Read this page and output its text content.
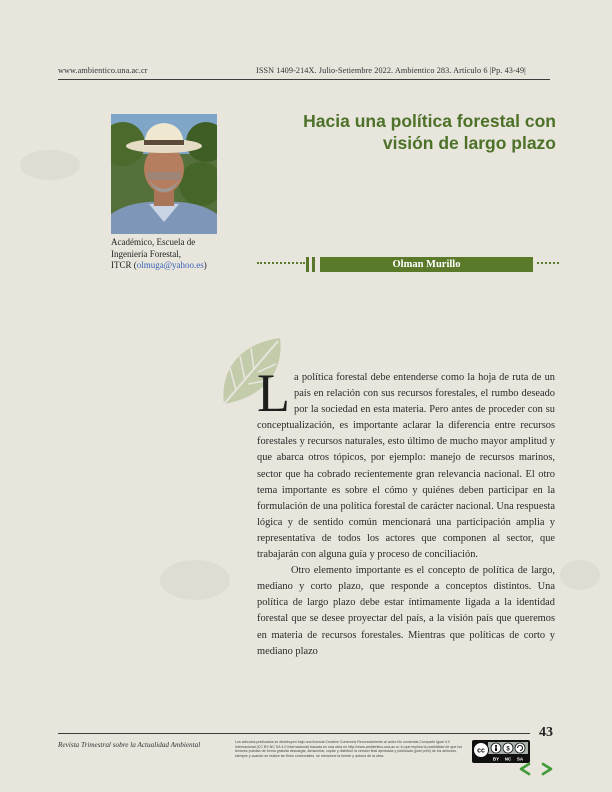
www.ambientico.una.ac.cr	ISSN 1409-214X. Julio-Setiembre 2022. Ambientico 283. Artículo 6 |Pp. 43-49|
Académico, Escuela de
Ingeniería Forestal,
ITCR (olmuga@yahoo.es)
Hacia una política forestal con
visión de largo plazo
Olman Murillo

La política forestal debe entenderse como la hoja de ruta de un país en relación con sus recursos forestales, el rumbo deseado por la sociedad en esta materia. Pero antes de proceder con su conceptualización, es importante aclarar la diferencia entre recursos forestales y recursos naturales, esto último de mucho mayor amplitud y que abarca otros tópicos, por ejemplo: manejo de recursos marinos, sector que ha cobrado recientemente gran relevancia nacional. El otro tema importante es sobre el cómo y quiénes deben participar en la formulación de una política forestal de carácter nacional. Una respuesta lógica y de sentido común mencionará una participación amplia y representativa de todos los actores que componen al sector, que trabajarán con alguna guía y proceso de conciliación.

Otro elemento importante es el concepto de política de largo, mediano y corto plazo, que responde a conceptos distintos. Una política de largo plazo debe estar íntimamente ligada a la identidad forestal que se desee proyectar del país, a la visión país que queremos en materia de recursos forestales. Mientras que políticas de corto y mediano plazo

43
Revista Trimestral sobre la Actualidad Ambiental	Los artículos publicados se distribuyen bajo una licencia Creative Commons Reconocimiento al autor-No comercial-Compartir igual 4.0 Internacional (CC BY-NC SA 4.0 Internacional) basada en una obra en http://www.ambientico.una.ac.cr, lo que implica la posibilidad de que los lectores puedan de forma gratuita descargar, almacenar, copiar y distribuir la versión final aprobada y publicada (post print) de los artículos, siempre y cuando se realice sin fines comerciales, se mencione la fuente y autoría de la obra.
cc	$
BY NC SA
